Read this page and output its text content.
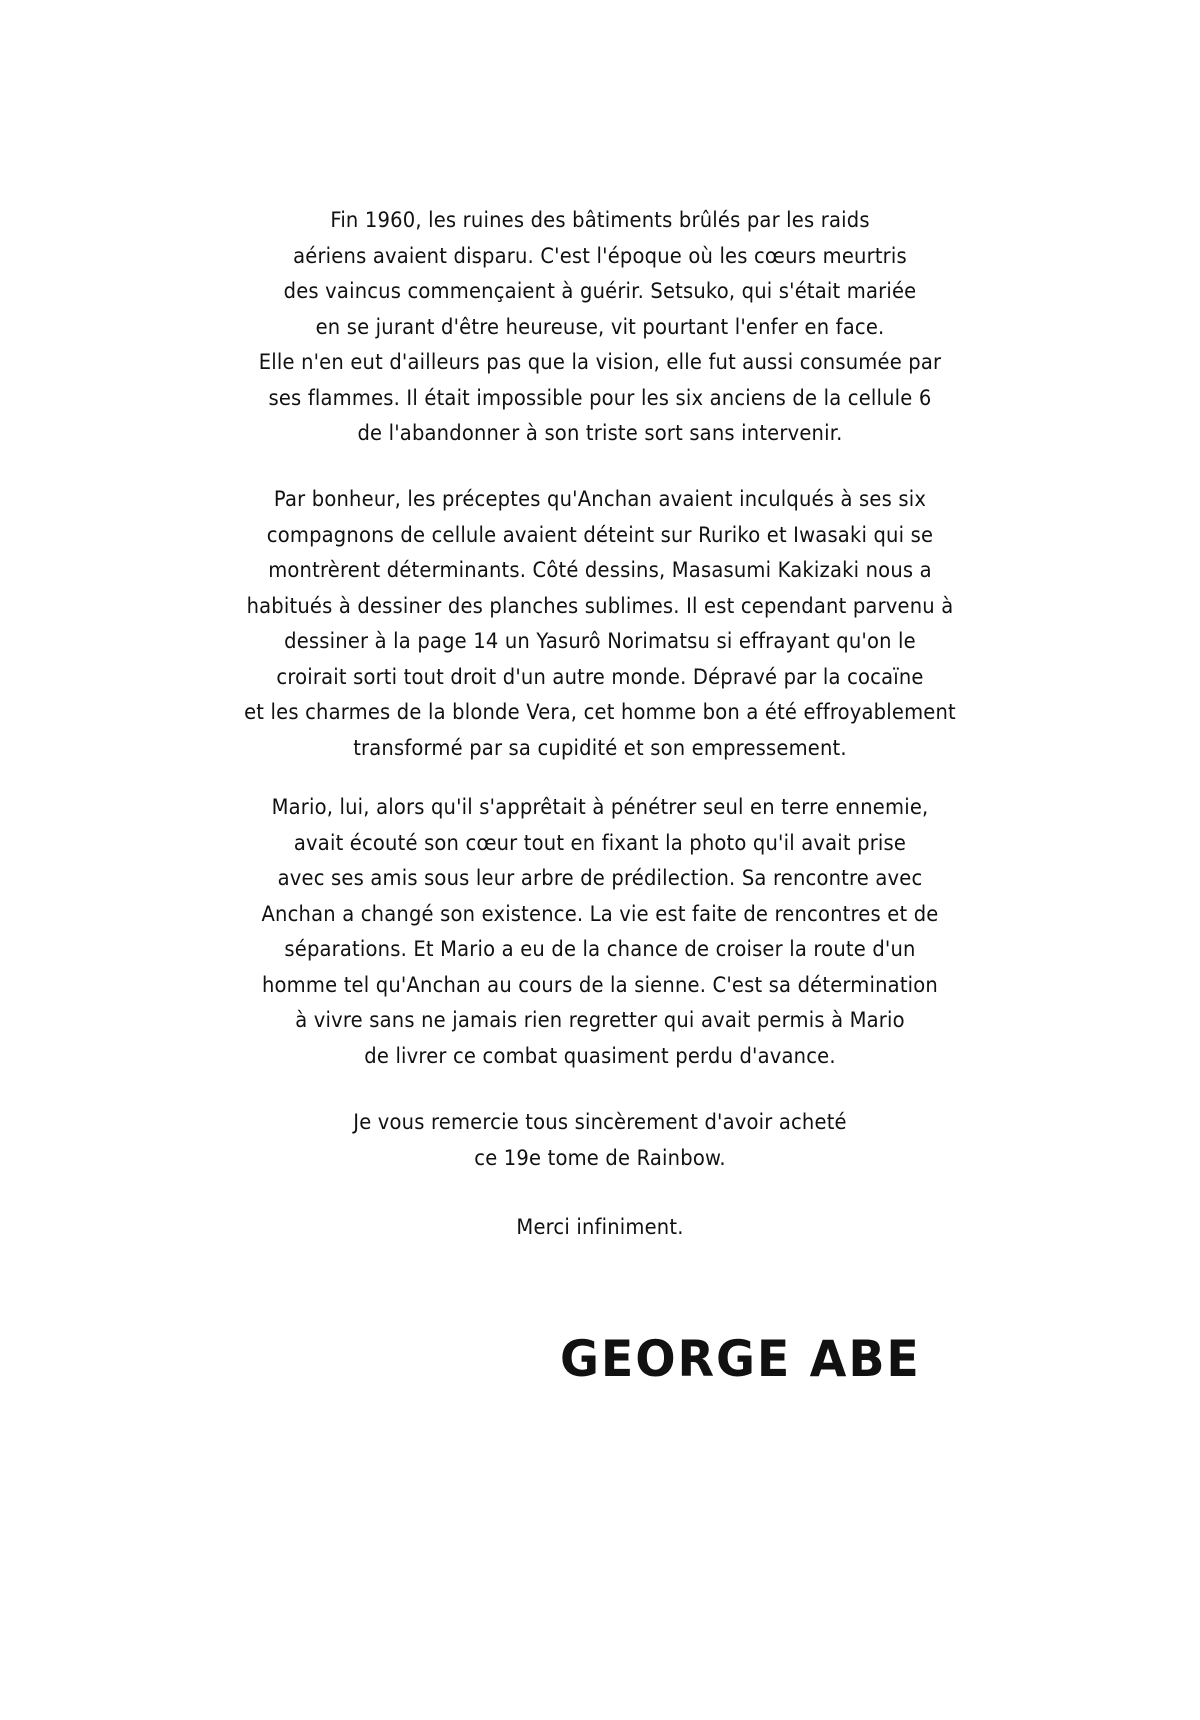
Fin 1960, les ruines des bâtiments brûlés par les raids
aériens avaient disparu. C'est l'époque où les cœurs meurtris
des vaincus commençaient à guérir. Setsuko, qui s'était mariée
en se jurant d'être heureuse, vit pourtant l'enfer en face.
Elle n'en eut d'ailleurs pas que la vision, elle fut aussi consumée par
ses flammes. Il était impossible pour les six anciens de la cellule 6
de l'abandonner à son triste sort sans intervenir.
Par bonheur, les préceptes qu'Anchan avaient inculqués à ses six
compagnons de cellule avaient déteint sur Ruriko et Iwasaki qui se
montrèrent déterminants. Côté dessins, Masasumi Kakizaki nous a
habitués à dessiner des planches sublimes. Il est cependant parvenu à
dessiner à la page 14 un Yasurô Norimatsu si effrayant qu'on le
croirait sorti tout droit d'un autre monde. Dépravé par la cocaïne
et les charmes de la blonde Vera, cet homme bon a été effroyablement
transformé par sa cupidité et son empressement.
Mario, lui, alors qu'il s'apprêtait à pénétrer seul en terre ennemie,
avait écouté son cœur tout en fixant la photo qu'il avait prise
avec ses amis sous leur arbre de prédilection. Sa rencontre avec
Anchan a changé son existence. La vie est faite de rencontres et de
séparations. Et Mario a eu de la chance de croiser la route d'un
homme tel qu'Anchan au cours de la sienne. C'est sa détermination
à vivre sans ne jamais rien regretter qui avait permis à Mario
de livrer ce combat quasiment perdu d'avance.
Je vous remercie tous sincèrement d'avoir acheté
ce 19e tome de Rainbow.
Merci infiniment.
GEORGE ABE
